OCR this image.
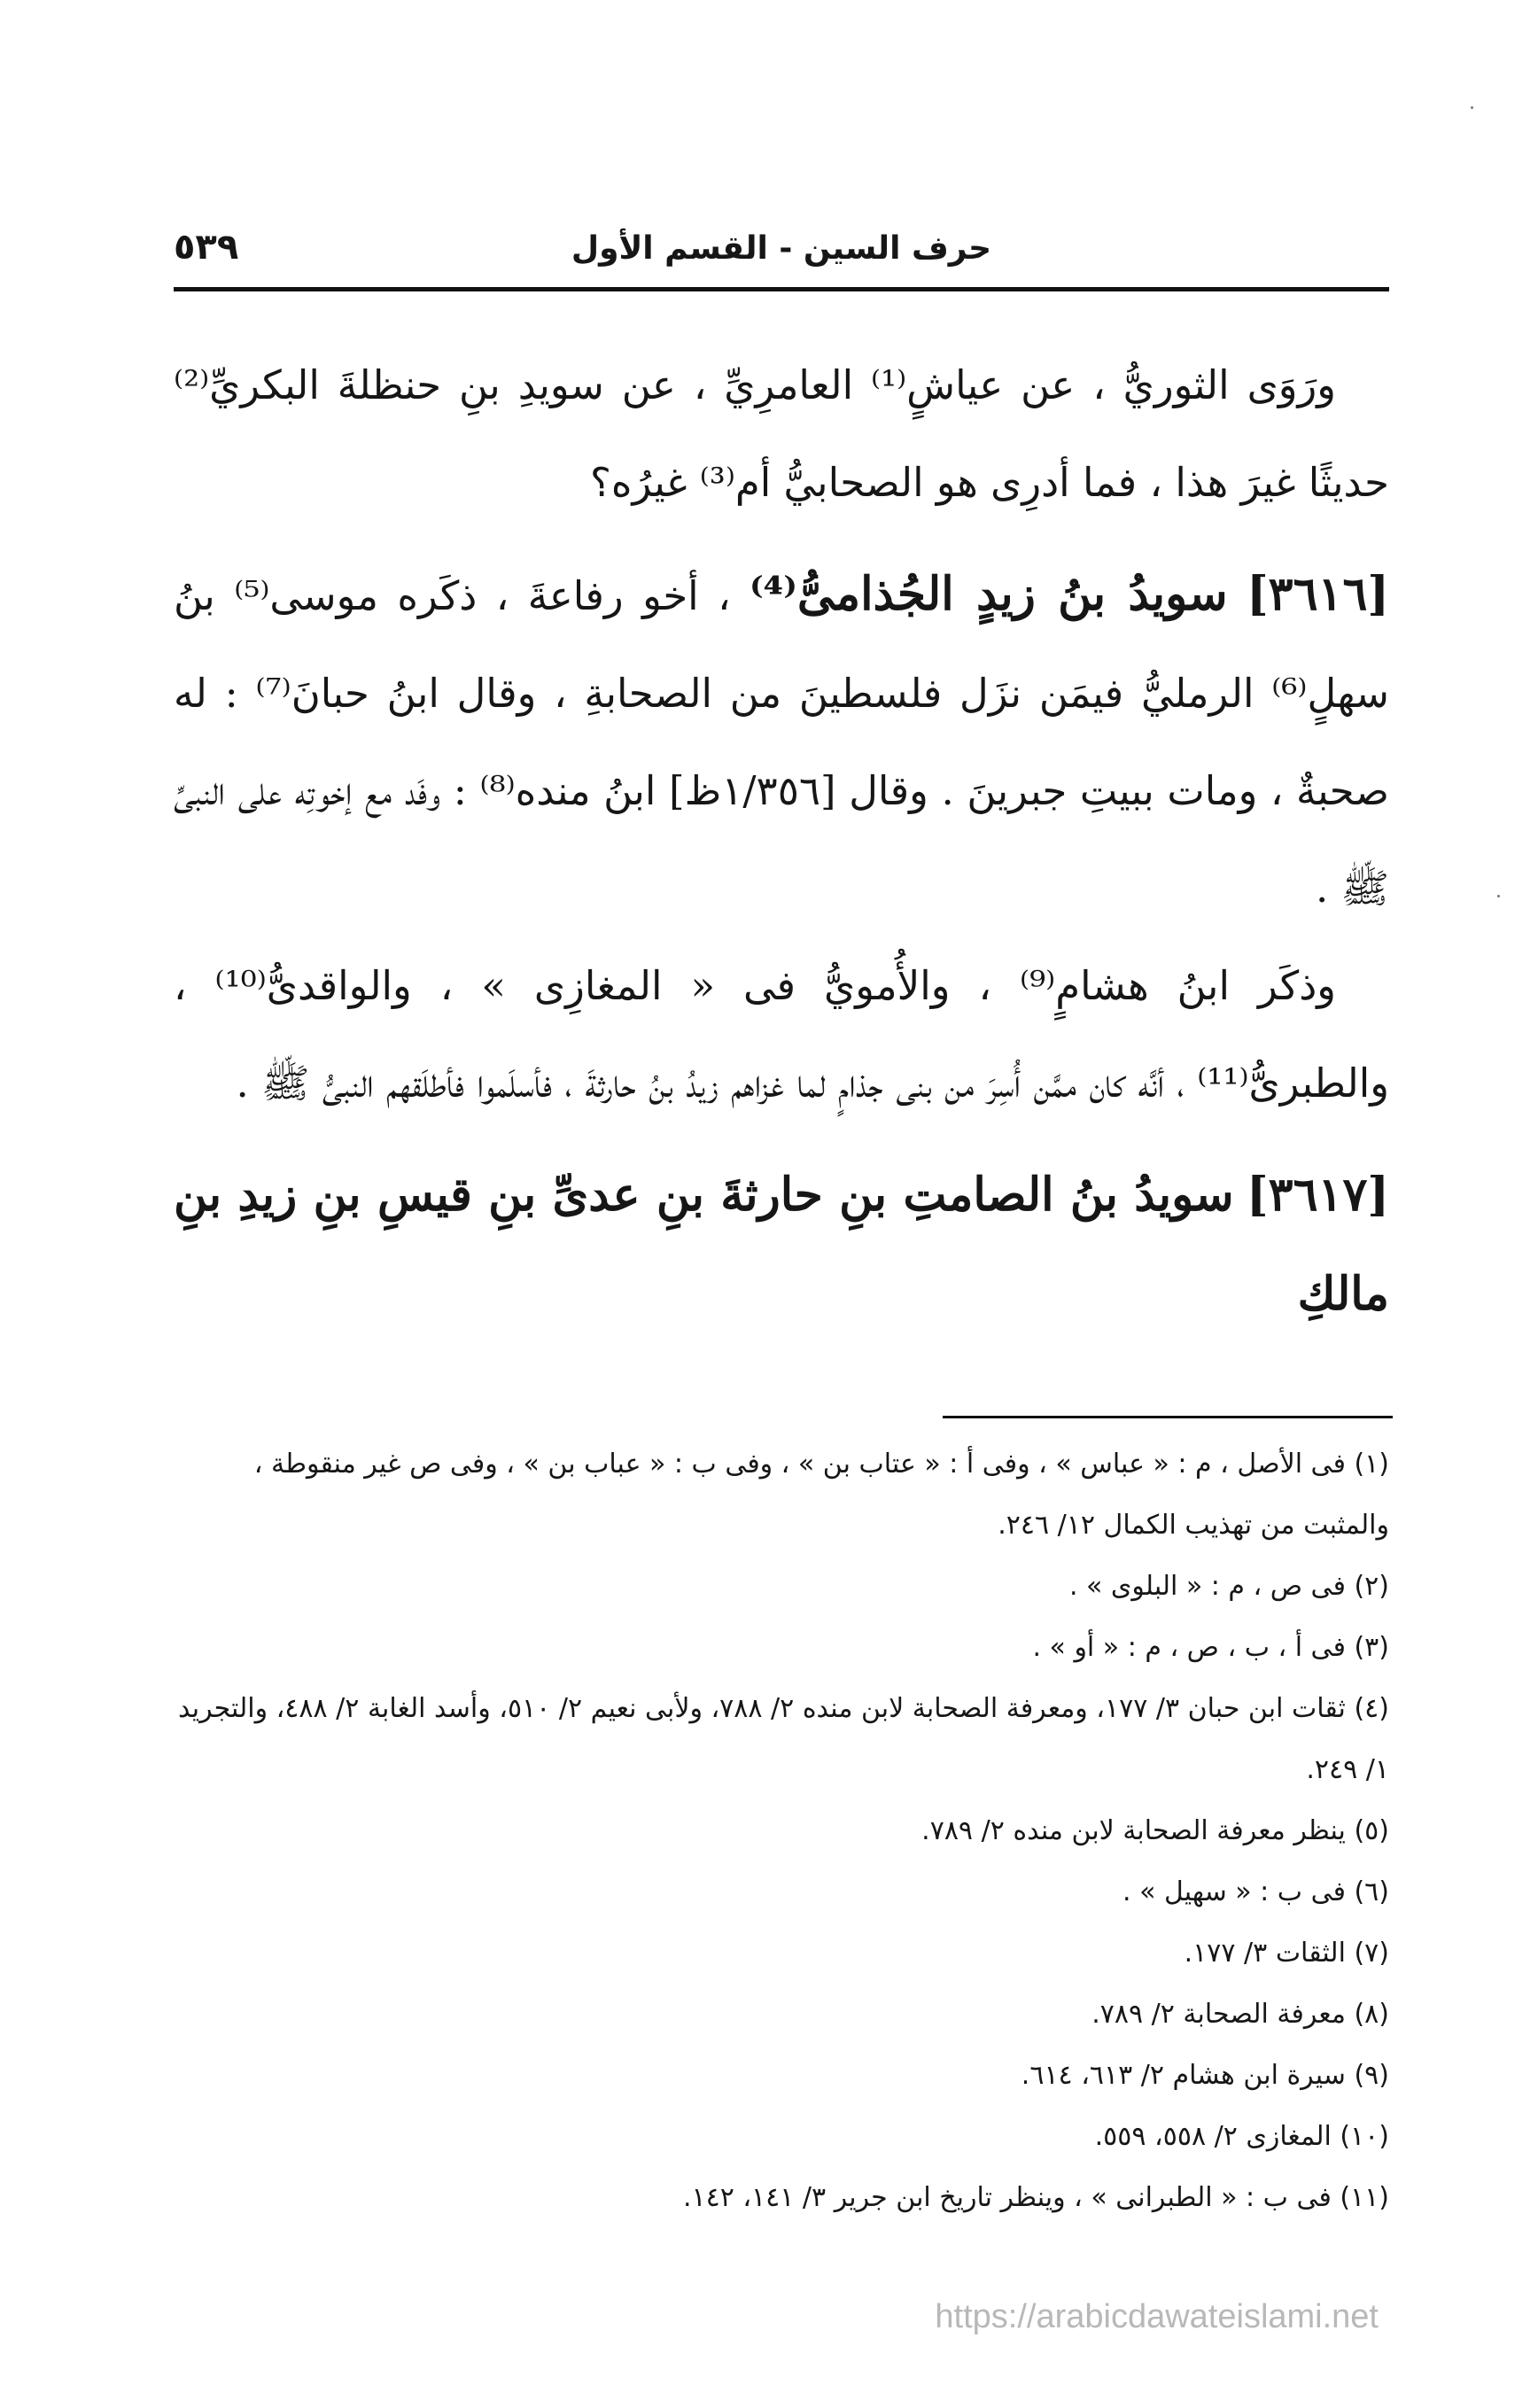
حرف السين - القسم الأول
٥٣٩

ورَوَى الثوريُّ ، عن عياشٍ⁽¹⁾ العامرِيِّ ، عن سويدِ بنِ حنظلةَ البكريِّ⁽²⁾ حديثًا غيرَ هذا ، فما أدرِى هو الصحابيُّ أم⁽³⁾ غيرُه؟

[٣٦١٦] سويدُ بنُ زيدٍ الجُذامىُّ⁽⁴⁾ ، أخو رفاعةَ ، ذكَره موسى⁽⁵⁾ بنُ سهلٍ⁽⁶⁾ الرمليُّ فيمَن نزَل فلسطينَ من الصحابةِ ، وقال ابنُ حبانَ⁽⁷⁾ : له صحبةٌ ، ومات ببيتِ جبرينَ . وقال [١/٣٥٦ظ] ابنُ منده⁽⁸⁾ : وفَد مع إخوتِه على النبىِّ ﷺ .

وذكَر ابنُ هشامٍ⁽⁹⁾ ، والأُمويُّ فى « المغازِى » ، والواقدىُّ⁽¹⁰⁾ ، والطبرىُّ⁽¹¹⁾ ، أنَّه كان ممَّن أُسِرَ من بنى جذامٍ لما غزاهم زيدُ بنُ حارثةَ ، فأسلَموا فأطلَقهم النبىُّ ﷺ .

[٣٦١٧] سويدُ بنُ الصامتِ بنِ حارثةَ بنِ عدىِّ بنِ قيسِ بنِ زيدِ بنِ مالكِ

(١) فى الأصل ، م : « عباس » ، وفى أ : « عتاب بن » ، وفى ب : « عباب بن » ، وفى ص غير منقوطة ، والمثبت من تهذيب الكمال ١٢/ ٢٤٦.

(٢) فى ص ، م : « البلوى » .

(٣) فى أ ، ب ، ص ، م : « أو » .

(٤) ثقات ابن حبان ٣/ ١٧٧، ومعرفة الصحابة لابن منده ٢/ ٧٨٨، ولأبى نعيم ٢/ ٥١٠، وأسد الغابة ٢/ ٤٨٨، والتجريد ١/ ٢٤٩.

(٥) ينظر معرفة الصحابة لابن منده ٢/ ٧٨٩.

(٦) فى ب : « سهيل » .

(٧) الثقات ٣/ ١٧٧.

(٨) معرفة الصحابة ٢/ ٧٨٩.

(٩) سيرة ابن هشام ٢/ ٦١٣، ٦١٤.

(١٠) المغازى ٢/ ٥٥٨، ٥٥٩.

(١١) فى ب : « الطبرانى » ، وينظر تاريخ ابن جرير ٣/ ١٤١، ١٤٢.

https://arabicdawateislami.net
